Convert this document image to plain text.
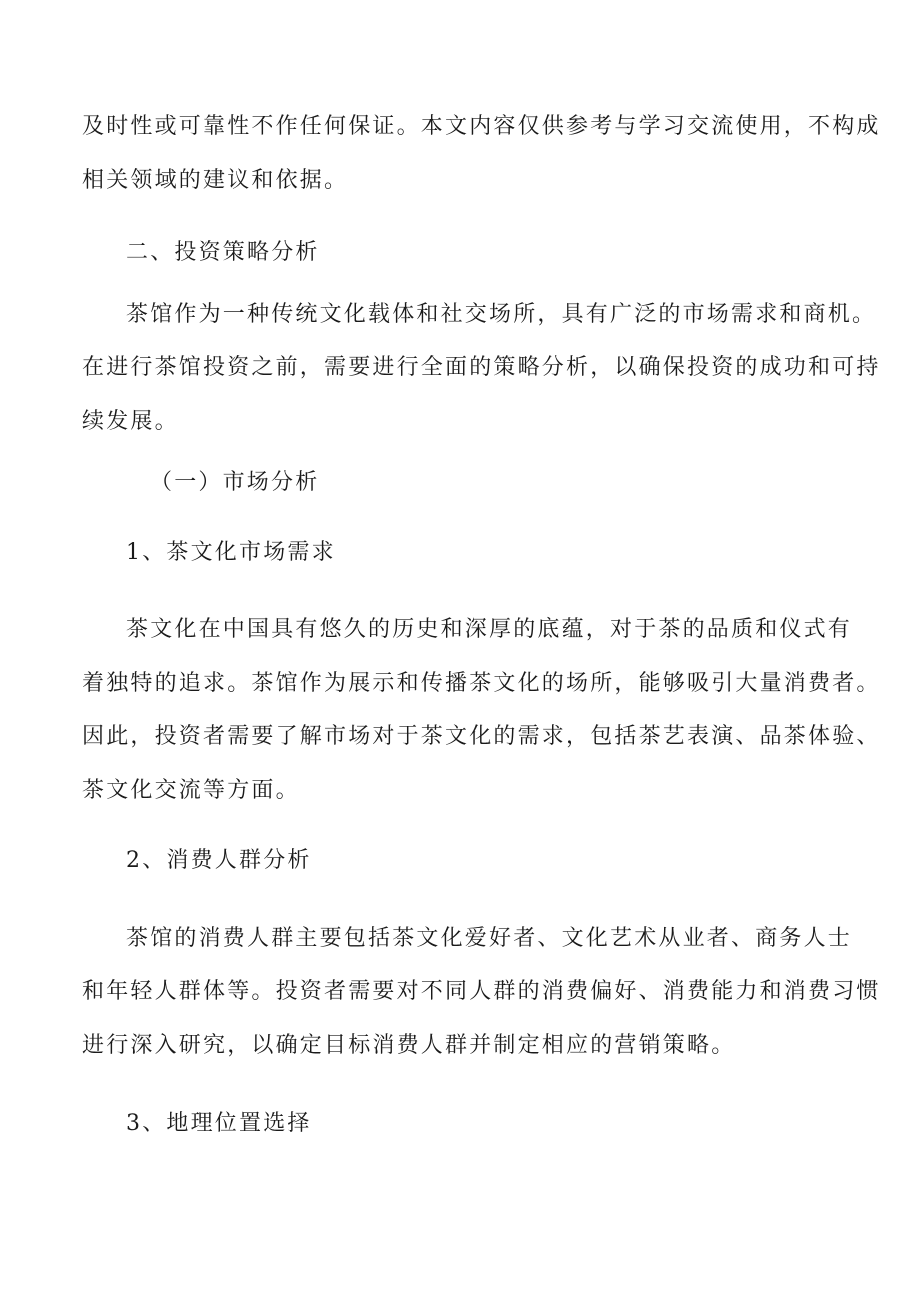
及时性或可靠性不作任何保证。本文内容仅供参考与学习交流使用，不构成
相关领域的建议和依据。
二、投资策略分析
茶馆作为一种传统文化载体和社交场所，具有广泛的市场需求和商机。
在进行茶馆投资之前，需要进行全面的策略分析，以确保投资的成功和可持
续发展。
（一）市场分析
1、茶文化市场需求
茶文化在中国具有悠久的历史和深厚的底蕴，对于茶的品质和仪式有
着独特的追求。茶馆作为展示和传播茶文化的场所，能够吸引大量消费者。
因此，投资者需要了解市场对于茶文化的需求，包括茶艺表演、品茶体验、
茶文化交流等方面。
2、消费人群分析
茶馆的消费人群主要包括茶文化爱好者、文化艺术从业者、商务人士
和年轻人群体等。投资者需要对不同人群的消费偏好、消费能力和消费习惯
进行深入研究，以确定目标消费人群并制定相应的营销策略。
3、地理位置选择
